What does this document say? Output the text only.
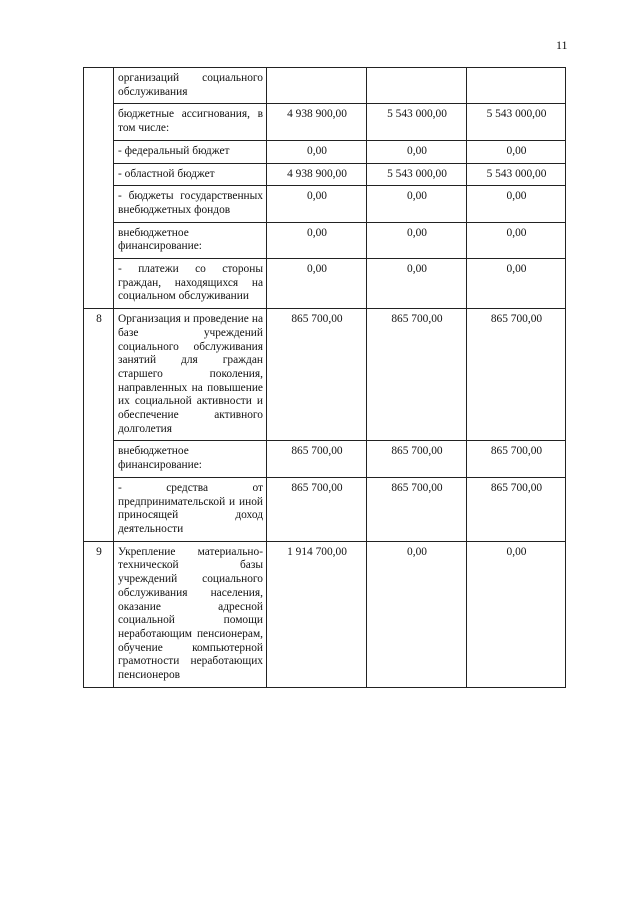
11
	организаций социального обслуживания			
	бюджетные ассигнования, в том числе:	4 938 900,00	5 543 000,00	5 543 000,00
	- федеральный бюджет	0,00	0,00	0,00
	- областной бюджет	4 938 900,00	5 543 000,00	5 543 000,00
	- бюджеты государственных внебюджетных фондов	0,00	0,00	0,00
	внебюджетное финансирование:	0,00	0,00	0,00
	- платежи со стороны граждан, находящихся на социальном обслуживании	0,00	0,00	0,00
8	Организация и проведение на базе учреждений социального обслуживания занятий для граждан старшего поколения, направленных на повышение их социальной активности и обеспечение активного долголетия	865 700,00	865 700,00	865 700,00
	внебюджетное финансирование:	865 700,00	865 700,00	865 700,00
	- средства от предпринимательской и иной приносящей доход деятельности	865 700,00	865 700,00	865 700,00
9	Укрепление материально-технической базы учреждений социального обслуживания населения, оказание адресной социальной помощи неработающим пенсионерам, обучение компьютерной грамотности неработающих пенсионеров	1 914 700,00	0,00	0,00
